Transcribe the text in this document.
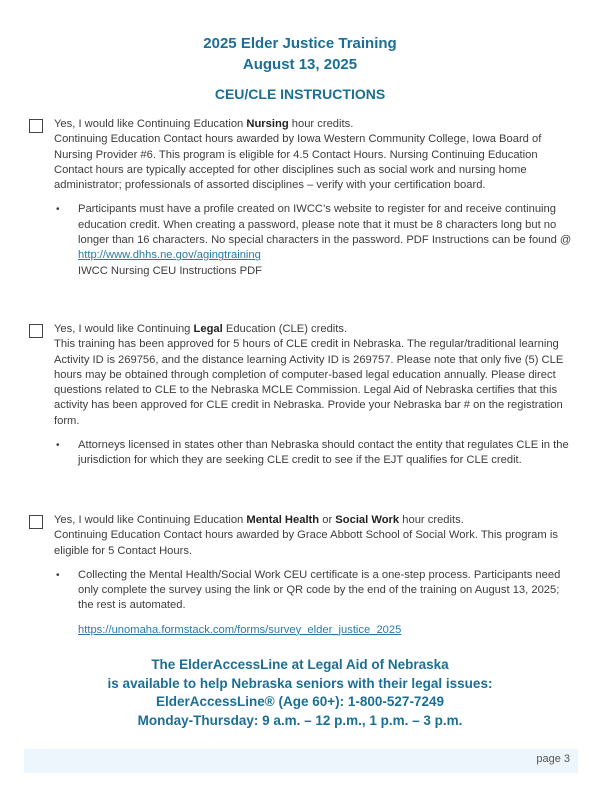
2025 Elder Justice Training
August 13, 2025
CEU/CLE INSTRUCTIONS
Yes, I would like Continuing Education Nursing hour credits.
Continuing Education Contact hours awarded by Iowa Western Community College, Iowa Board of Nursing Provider #6. This program is eligible for 4.5 Contact Hours. Nursing Continuing Education Contact hours are typically accepted for other disciplines such as social work and nursing home administrator; professionals of assorted disciplines – verify with your certification board.
• Participants must have a profile created on IWCC’s website to register for and receive continuing education credit. When creating a password, please note that it must be 8 characters long but no longer than 16 characters. No special characters in the password. PDF Instructions can be found @ http://www.dhhs.ne.gov/agingtraining
IWCC Nursing CEU Instructions PDF
Yes, I would like Continuing Legal Education (CLE) credits.
This training has been approved for 5 hours of CLE credit in Nebraska. The regular/traditional learning Activity ID is 269756, and the distance learning Activity ID is 269757. Please note that only five (5) CLE hours may be obtained through completion of computer-based legal education annually. Please direct questions related to CLE to the Nebraska MCLE Commission. Legal Aid of Nebraska certifies that this activity has been approved for CLE credit in Nebraska. Provide your Nebraska bar # on the registration form.
• Attorneys licensed in states other than Nebraska should contact the entity that regulates CLE in the jurisdiction for which they are seeking CLE credit to see if the EJT qualifies for CLE credit.
Yes, I would like Continuing Education Mental Health or Social Work hour credits.
Continuing Education Contact hours awarded by Grace Abbott School of Social Work. This program is eligible for 5 Contact Hours.
• Collecting the Mental Health/Social Work CEU certificate is a one-step process. Participants need only complete the survey using the link or QR code by the end of the training on August 13, 2025; the rest is automated.
https://unomaha.formstack.com/forms/survey_elder_justice_2025
The ElderAccessLine at Legal Aid of Nebraska
is available to help Nebraska seniors with their legal issues:
ElderAccessLine® (Age 60+): 1-800-527-7249
Monday-Thursday: 9 a.m. – 12 p.m., 1 p.m. – 3 p.m.
page 3
